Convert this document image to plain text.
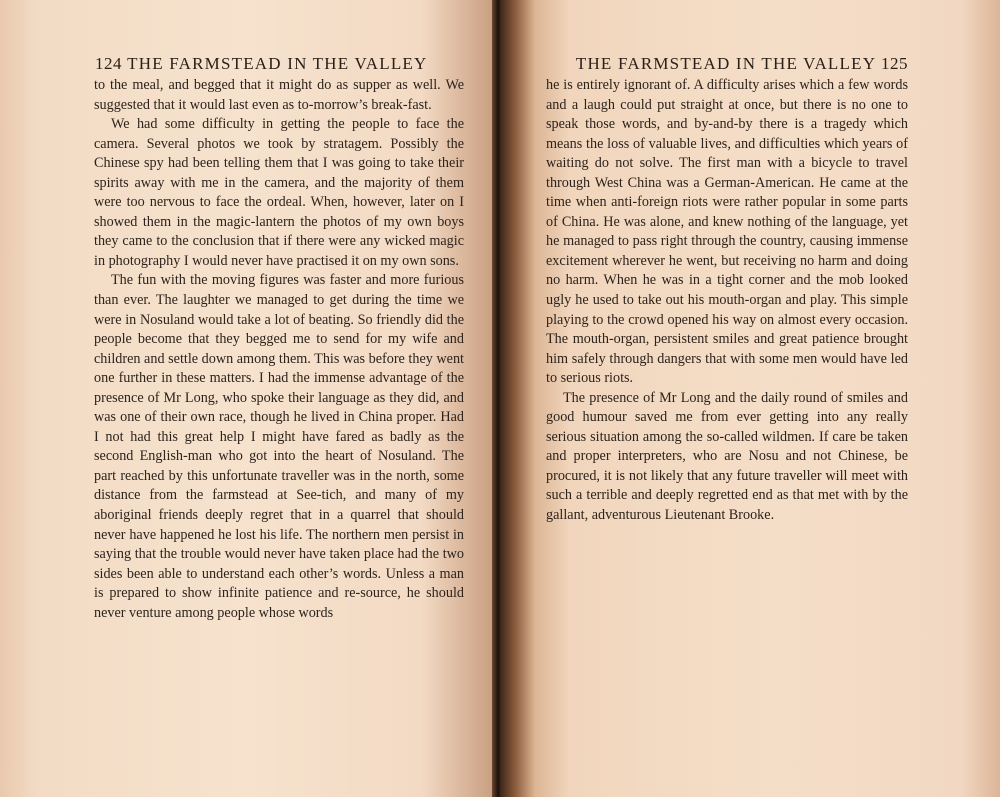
124 THE FARMSTEAD IN THE VALLEY

to the meal, and begged that it might do as supper as well. We suggested that it would last even as to-morrow’s break-fast.

We had some difficulty in getting the people to face the camera. Several photos we took by stratagem. Possibly the Chinese spy had been telling them that I was going to take their spirits away with me in the camera, and the majority of them were too nervous to face the ordeal. When, however, later on I showed them in the magic-lantern the photos of my own boys they came to the conclusion that if there were any wicked magic in photography I would never have practised it on my own sons.

The fun with the moving figures was faster and more furious than ever. The laughter we managed to get during the time we were in Nosuland would take a lot of beating. So friendly did the people become that they begged me to send for my wife and children and settle down among them. This was before they went one further in these matters. I had the immense advantage of the presence of Mr Long, who spoke their language as they did, and was one of their own race, though he lived in China proper. Had I not had this great help I might have fared as badly as the second English-man who got into the heart of Nosuland. The part reached by this unfortunate traveller was in the north, some distance from the farmstead at See-tich, and many of my aboriginal friends deeply regret that in a quarrel that should never have happened he lost his life. The northern men persist in saying that the trouble would never have taken place had the two sides been able to understand each other’s words. Unless a man is prepared to show infinite patience and re-source, he should never venture among people whose words

THE FARMSTEAD IN THE VALLEY 125

he is entirely ignorant of. A difficulty arises which a few words and a laugh could put straight at once, but there is no one to speak those words, and by-and-by there is a tragedy which means the loss of valuable lives, and difficulties which years of waiting do not solve. The first man with a bicycle to travel through West China was a German-American. He came at the time when anti-foreign riots were rather popular in some parts of China. He was alone, and knew nothing of the language, yet he managed to pass right through the country, causing immense excitement wherever he went, but receiving no harm and doing no harm. When he was in a tight corner and the mob looked ugly he used to take out his mouth-organ and play. This simple playing to the crowd opened his way on almost every occasion. The mouth-organ, persistent smiles and great patience brought him safely through dangers that with some men would have led to serious riots.

The presence of Mr Long and the daily round of smiles and good humour saved me from ever getting into any really serious situation among the so-called wildmen. If care be taken and proper interpreters, who are Nosu and not Chinese, be procured, it is not likely that any future traveller will meet with such a terrible and deeply regretted end as that met with by the gallant, adventurous Lieutenant Brooke.
